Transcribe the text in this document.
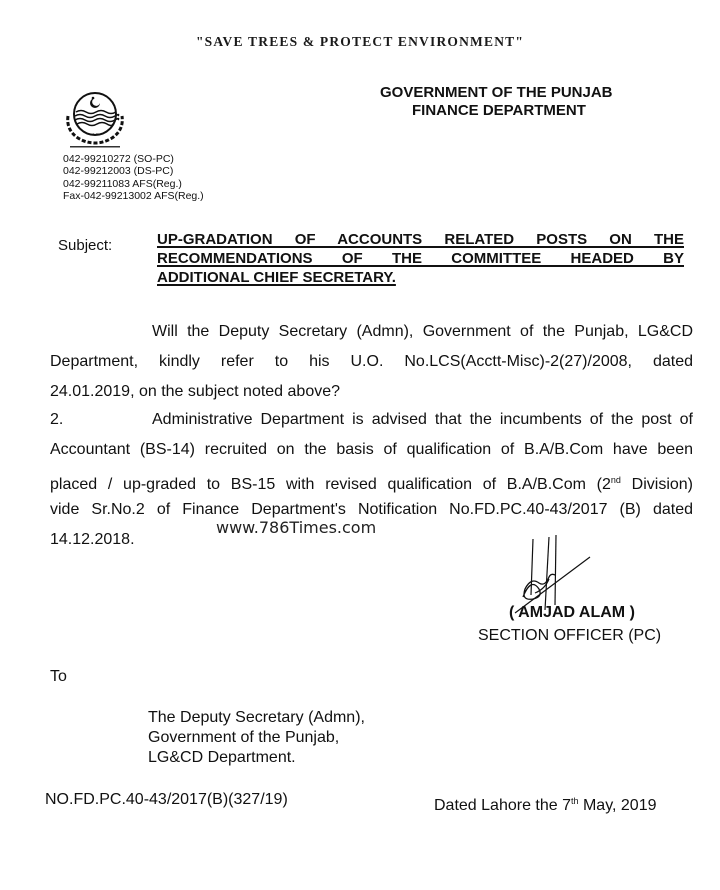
"SAVE TREES & PROTECT ENVIRONMENT"
ـــ ـ ـ
GOVERNMENT OF THE PUNJAB
FINANCE DEPARTMENT
042-99210272 (SO-PC)
042-99212003 (DS-PC)
042-99211083 AFS(Reg.)
Fax-042-99213002 AFS(Reg.)
Subject:	UP-GRADATION OF ACCOUNTS RELATED POSTS ON THE
RECOMMENDATIONS OF THE COMMITTEE HEADED BY
ADDITIONAL CHIEF SECRETARY.
Will the Deputy Secretary (Admn), Government of the Punjab, LG&CD
Department, kindly refer to his U.O. No.LCS(Acctt-Misc)-2(27)/2008, dated
24.01.2019, on the subject noted above?
2.	Administrative Department is advised that the incumbents of the post of
Accountant (BS-14) recruited on the basis of qualification of B.A/B.Com have been
placed / up-graded to BS-15 with revised qualification of B.A/B.Com (2nd Division)
vide Sr.No.2 of Finance Department's Notification No.FD.PC.40-43/2017 (B) dated
14.12.2018.
www.786Times.com
( AMJAD ALAM )
SECTION OFFICER (PC)
To
The Deputy Secretary (Admn),
Government of the Punjab,
LG&CD Department.
NO.FD.PC.40-43/2017(B)(327/19)	Dated Lahore the 7th May, 2019
